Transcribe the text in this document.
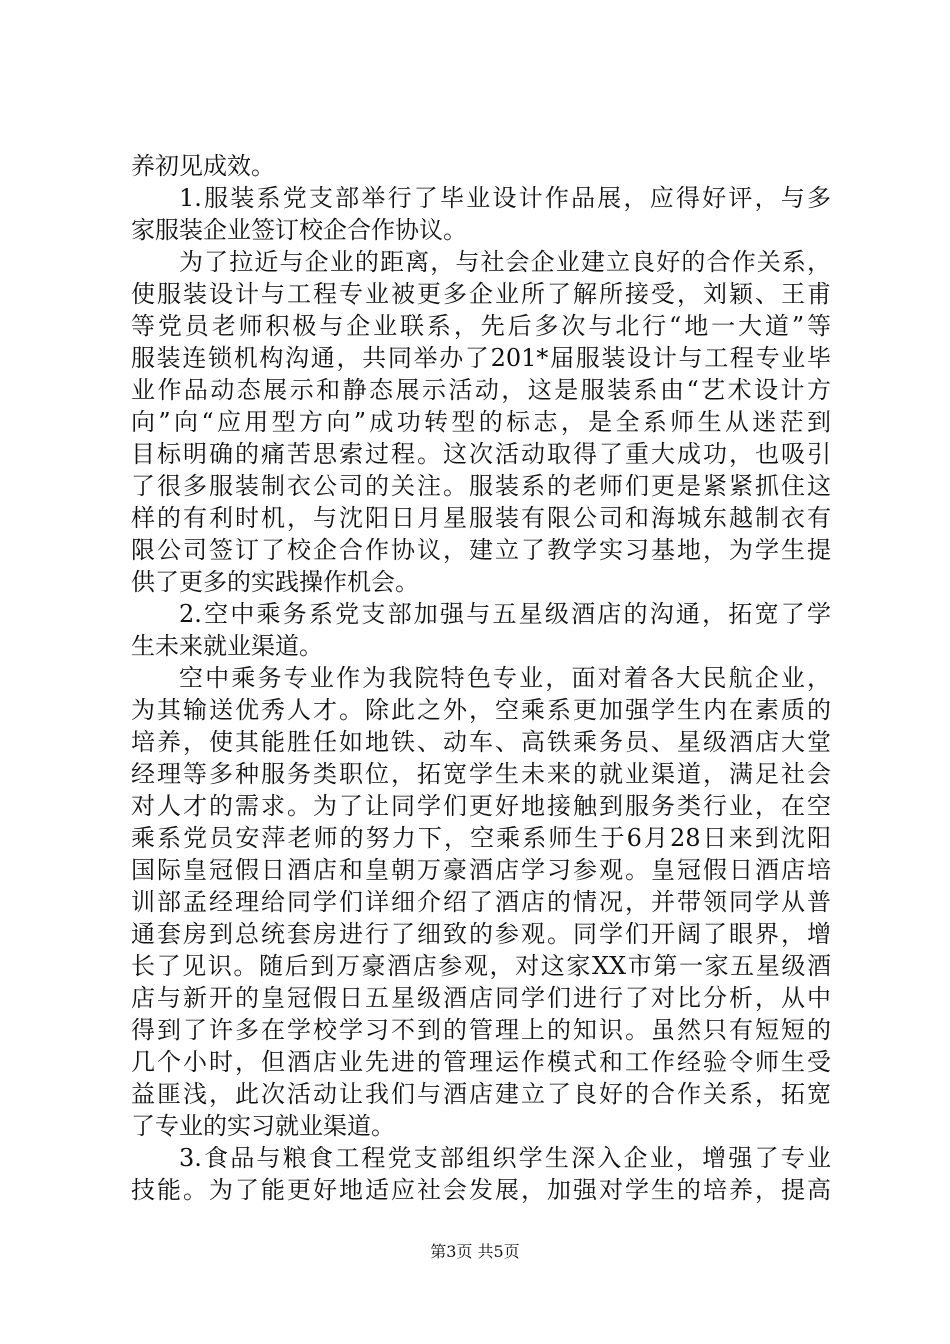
养初见成效。
1.服装系党支部举行了毕业设计作品展，应得好评，与多
家服装企业签订校企合作协议。
为了拉近与企业的距离，与社会企业建立良好的合作关系，
使服装设计与工程专业被更多企业所了解所接受，刘颖、王甫
等党员老师积极与企业联系，先后多次与北行“地一大道”等
服装连锁机构沟通，共同举办了201*届服装设计与工程专业毕
业作品动态展示和静态展示活动，这是服装系由“艺术设计方
向”向“应用型方向”成功转型的标志，是全系师生从迷茫到
目标明确的痛苦思索过程。这次活动取得了重大成功，也吸引
了很多服装制衣公司的关注。服装系的老师们更是紧紧抓住这
样的有利时机，与沈阳日月星服装有限公司和海城东越制衣有
限公司签订了校企合作协议，建立了教学实习基地，为学生提
供了更多的实践操作机会。
2.空中乘务系党支部加强与五星级酒店的沟通，拓宽了学
生未来就业渠道。
空中乘务专业作为我院特色专业，面对着各大民航企业，
为其输送优秀人才。除此之外，空乘系更加强学生内在素质的
培养，使其能胜任如地铁、动车、高铁乘务员、星级酒店大堂
经理等多种服务类职位，拓宽学生未来的就业渠道，满足社会
对人才的需求。为了让同学们更好地接触到服务类行业，在空
乘系党员安萍老师的努力下，空乘系师生于6月28日来到沈阳
国际皇冠假日酒店和皇朝万豪酒店学习参观。皇冠假日酒店培
训部孟经理给同学们详细介绍了酒店的情况，并带领同学从普
通套房到总统套房进行了细致的参观。同学们开阔了眼界，增
长了见识。随后到万豪酒店参观，对这家XX市第一家五星级酒
店与新开的皇冠假日五星级酒店同学们进行了对比分析，从中
得到了许多在学校学习不到的管理上的知识。虽然只有短短的
几个小时，但酒店业先进的管理运作模式和工作经验令师生受
益匪浅，此次活动让我们与酒店建立了良好的合作关系，拓宽
了专业的实习就业渠道。
3.食品与粮食工程党支部组织学生深入企业，增强了专业
技能。为了能更好地适应社会发展，加强对学生的培养，提高
第3页 共5页
